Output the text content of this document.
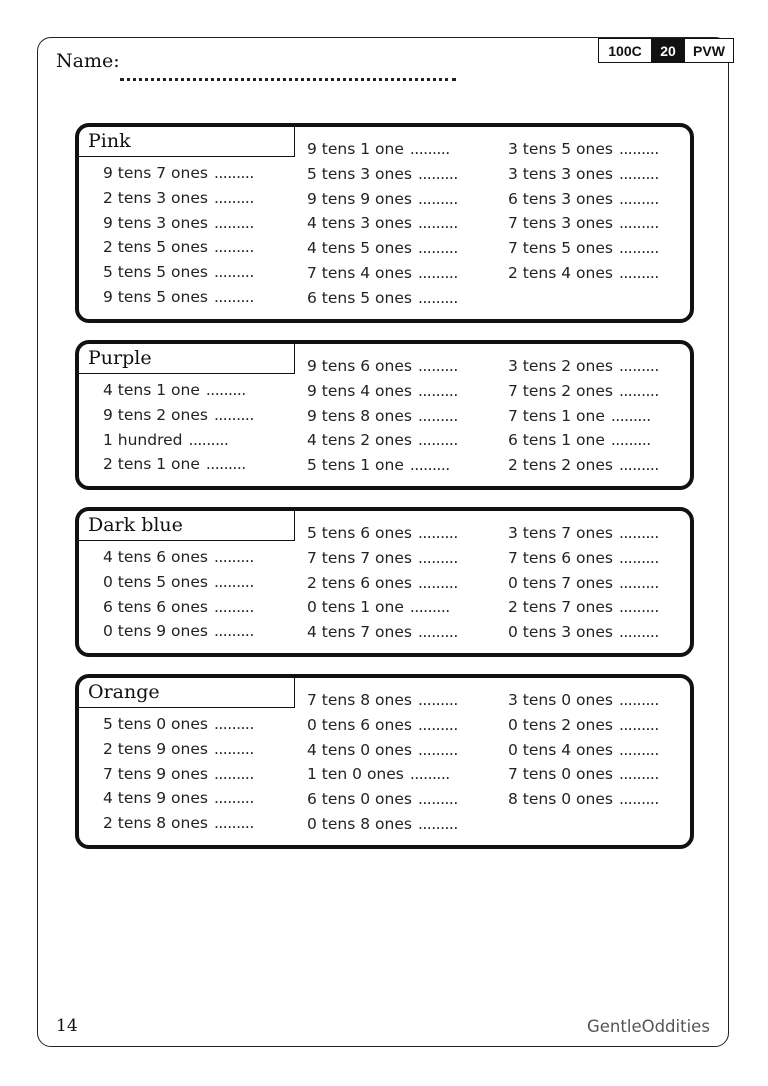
100C	20	PVW
Name:
Pink
9 tens 7 ones .........
2 tens 3 ones .........
9 tens 3 ones .........
2 tens 5 ones .........
5 tens 5 ones .........
9 tens 5 ones .........
9 tens 1 one .........
5 tens 3 ones .........
9 tens 9 ones .........
4 tens 3 ones .........
4 tens 5 ones .........
7 tens 4 ones .........
6 tens 5 ones .........
3 tens 5 ones .........
3 tens 3 ones .........
6 tens 3 ones .........
7 tens 3 ones .........
7 tens 5 ones .........
2 tens 4 ones .........
Purple
4 tens 1 one .........
9 tens 2 ones .........
1 hundred .........
2 tens 1 one .........
9 tens 6 ones .........
9 tens 4 ones .........
9 tens 8 ones .........
4 tens 2 ones .........
5 tens 1 one .........
3 tens 2 ones .........
7 tens 2 ones .........
7 tens 1 one .........
6 tens 1 one .........
2 tens 2 ones .........
Dark blue
4 tens 6 ones .........
0 tens 5 ones .........
6 tens 6 ones .........
0 tens 9 ones .........
5 tens 6 ones .........
7 tens 7 ones .........
2 tens 6 ones .........
0 tens 1 one .........
4 tens 7 ones .........
3 tens 7 ones .........
7 tens 6 ones .........
0 tens 7 ones .........
2 tens 7 ones .........
0 tens 3 ones .........
Orange
5 tens 0 ones .........
2 tens 9 ones .........
7 tens 9 ones .........
4 tens 9 ones .........
2 tens 8 ones .........
7 tens 8 ones .........
0 tens 6 ones .........
4 tens 0 ones .........
1 ten 0 ones .........
6 tens 0 ones .........
0 tens 8 ones .........
3 tens 0 ones .........
0 tens 2 ones .........
0 tens 4 ones .........
7 tens 0 ones .........
8 tens 0 ones .........
14	GentleOddities
